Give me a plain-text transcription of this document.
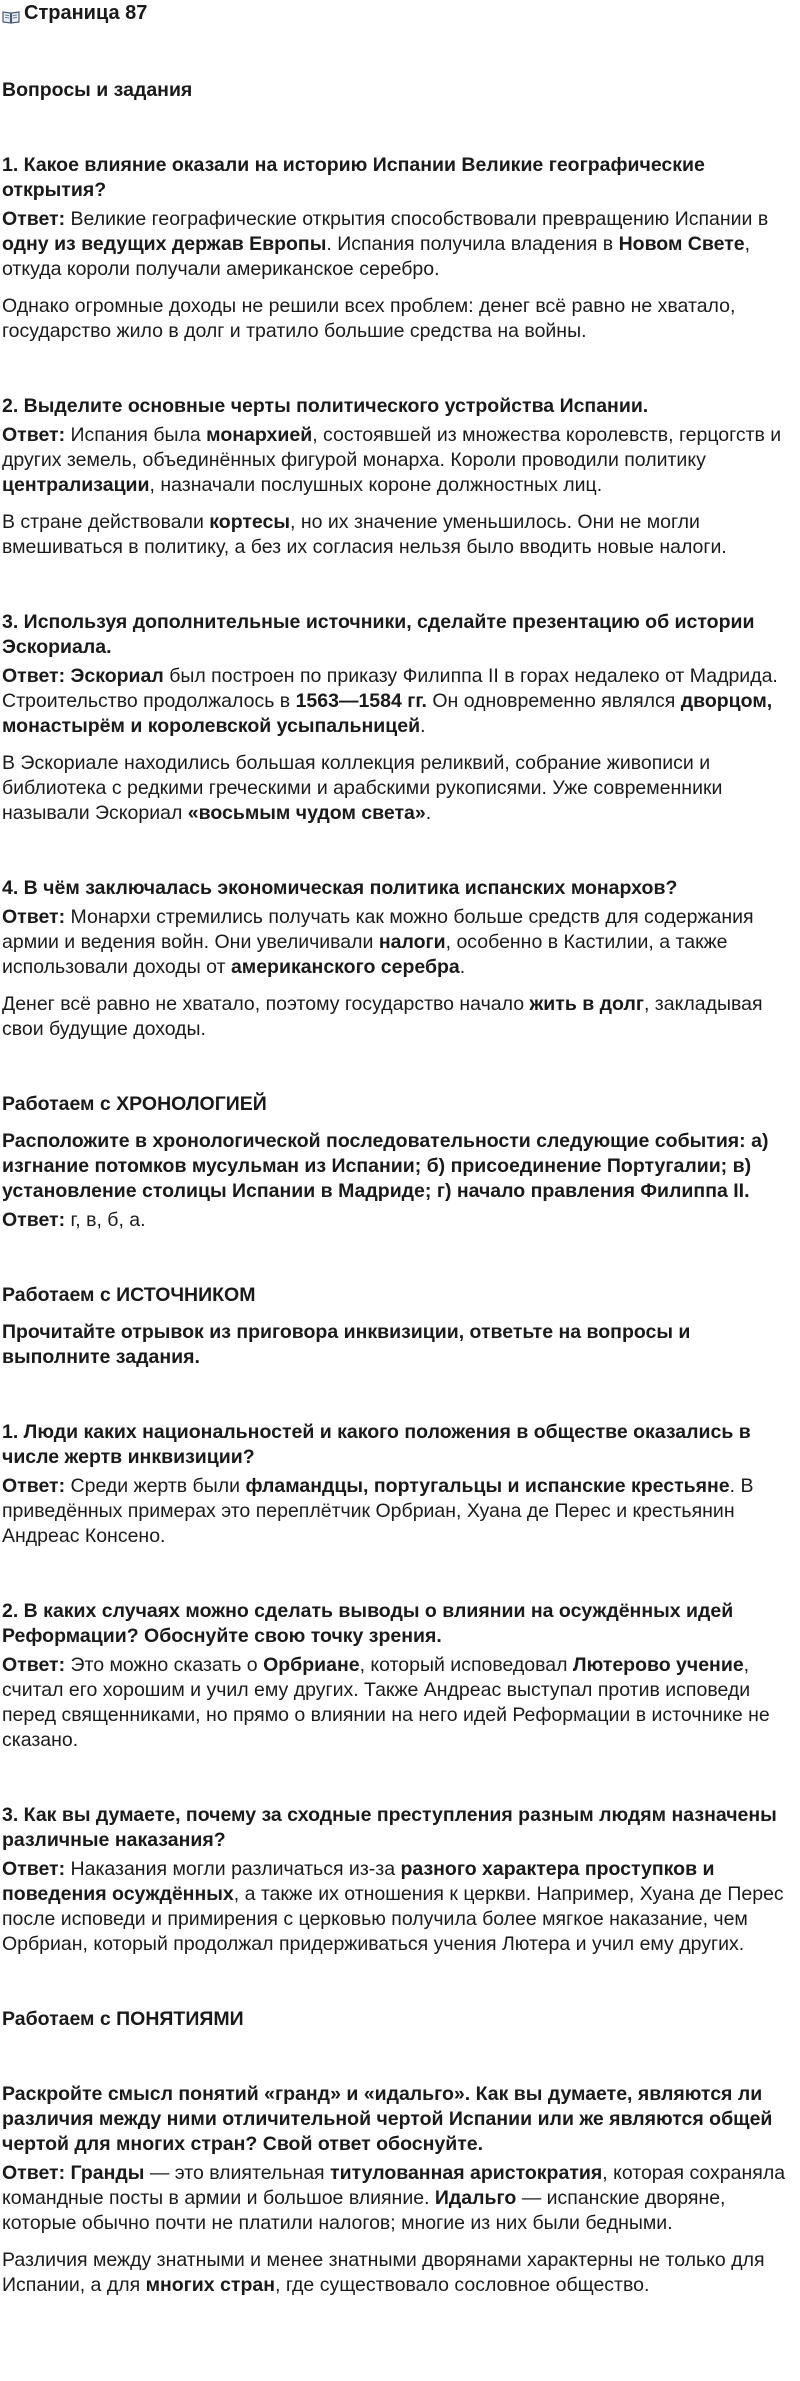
Страница 87

Вопросы и задания

1. Какое влияние оказали на историю Испании Великие географические открытия?

Ответ: Великие географические открытия способствовали превращению Испании в одну из ведущих держав Европы. Испания получила владения в Новом Свете, откуда короли получали американское серебро.

Однако огромные доходы не решили всех проблем: денег всё равно не хватало, государство жило в долг и тратило большие средства на войны.

2. Выделите основные черты политического устройства Испании.

Ответ: Испания была монархией, состоявшей из множества королевств, герцогств и других земель, объединённых фигурой монарха. Короли проводили политику централизации, назначали послушных короне должностных лиц.

В стране действовали кортесы, но их значение уменьшилось. Они не могли вмешиваться в политику, а без их согласия нельзя было вводить новые налоги.

3. Используя дополнительные источники, сделайте презентацию об истории Эскориала.

Ответ: Эскориал был построен по приказу Филиппа II в горах недалеко от Мадрида. Строительство продолжалось в 1563—1584 гг. Он одновременно являлся дворцом, монастырём и королевской усыпальницей.

В Эскориале находились большая коллекция реликвий, собрание живописи и библиотека с редкими греческими и арабскими рукописями. Уже современники называли Эскориал «восьмым чудом света».

4. В чём заключалась экономическая политика испанских монархов?

Ответ: Монархи стремились получать как можно больше средств для содержания армии и ведения войн. Они увеличивали налоги, особенно в Кастилии, а также использовали доходы от американского серебра.

Денег всё равно не хватало, поэтому государство начало жить в долг, закладывая свои будущие доходы.

Работаем с ХРОНОЛОГИЕЙ

Расположите в хронологической последовательности следующие события: а) изгнание потомков мусульман из Испании; б) присоединение Португалии; в) установление столицы Испании в Мадриде; г) начало правления Филиппа II.

Ответ: г, в, б, а.

Работаем с ИСТОЧНИКОМ

Прочитайте отрывок из приговора инквизиции, ответьте на вопросы и выполните задания.

1. Люди каких национальностей и какого положения в обществе оказались в числе жертв инквизиции?

Ответ: Среди жертв были фламандцы, португальцы и испанские крестьяне. В приведённых примерах это переплётчик Орбриан, Хуана де Перес и крестьянин Андреас Консено.

2. В каких случаях можно сделать выводы о влиянии на осуждённых идей Реформации? Обоснуйте свою точку зрения.

Ответ: Это можно сказать о Орбриане, который исповедовал Лютерово учение, считал его хорошим и учил ему других. Также Андреас выступал против исповеди перед священниками, но прямо о влиянии на него идей Реформации в источнике не сказано.

3. Как вы думаете, почему за сходные преступления разным людям назначены различные наказания?

Ответ: Наказания могли различаться из-за разного характера проступков и поведения осуждённых, а также их отношения к церкви. Например, Хуана де Перес после исповеди и примирения с церковью получила более мягкое наказание, чем Орбриан, который продолжал придерживаться учения Лютера и учил ему других.

Работаем с ПОНЯТИЯМИ

Раскройте смысл понятий «гранд» и «идальго». Как вы думаете, являются ли различия между ними отличительной чертой Испании или же являются общей чертой для многих стран? Свой ответ обоснуйте.

Ответ: Гранды — это влиятельная титулованная аристократия, которая сохраняла командные посты в армии и большое влияние. Идальго — испанские дворяне, которые обычно почти не платили налогов; многие из них были бедными.

Различия между знатными и менее знатными дворянами характерны не только для Испании, а для многих стран, где существовало сословное общество.
